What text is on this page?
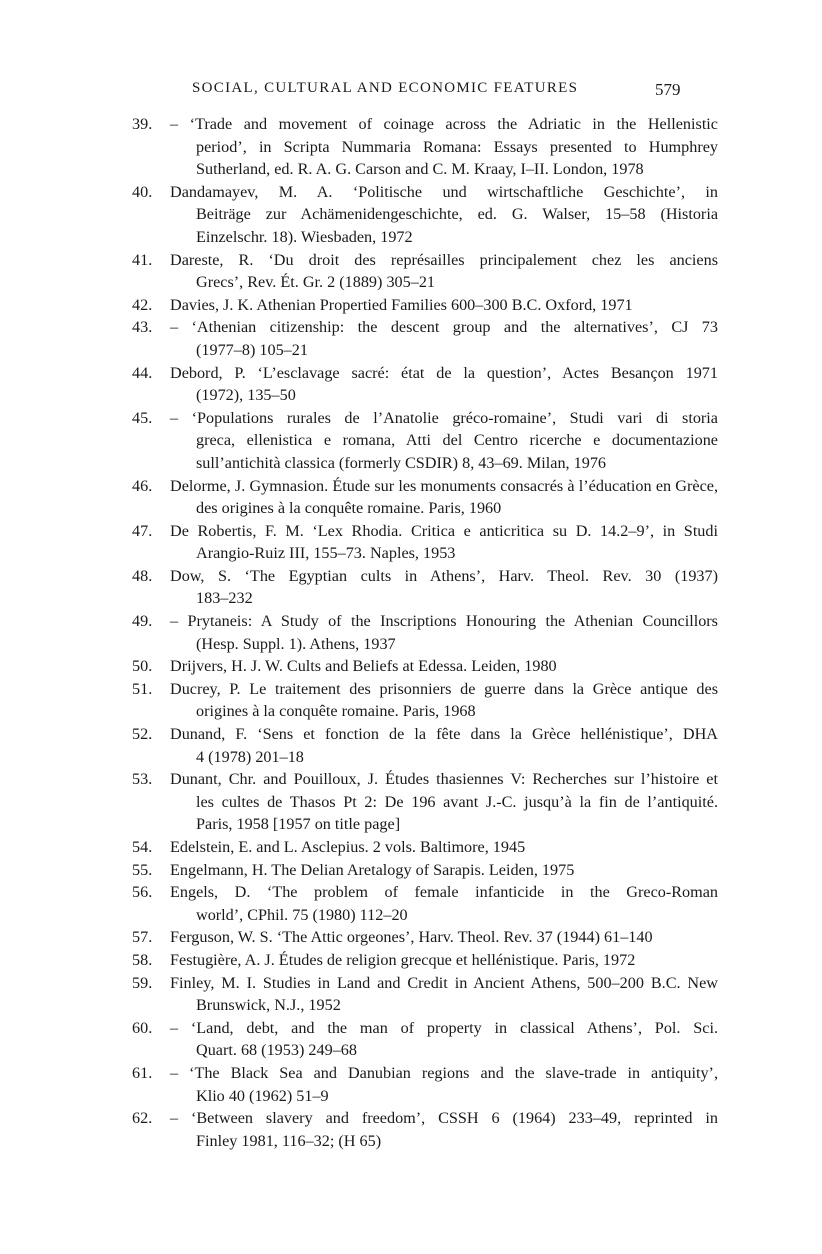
SOCIAL, CULTURAL AND ECONOMIC FEATURES	579
39. – ‘Trade and movement of coinage across the Adriatic in the Hellenistic
period’, in Scripta Nummaria Romana: Essays presented to Humphrey
Sutherland, ed. R. A. G. Carson and C. M. Kraay, I–II. London, 1978
40. Dandamayev, M. A. ‘Politische und wirtschaftliche Geschichte’, in
Beiträge zur Achämenidengeschichte, ed. G. Walser, 15–58 (Historia
Einzelschr. 18). Wiesbaden, 1972
41. Dareste, R. ‘Du droit des représailles principalement chez les anciens
Grecs’, Rev. Ét. Gr. 2 (1889) 305–21
42. Davies, J. K. Athenian Propertied Families 600–300 B.C. Oxford, 1971
43. – ‘Athenian citizenship: the descent group and the alternatives’, CJ 73
(1977–8) 105–21
44. Debord, P. ‘L’esclavage sacré: état de la question’, Actes Besançon 1971
(1972), 135–50
45. – ‘Populations rurales de l’Anatolie gréco-romaine’, Studi vari di storia
greca, ellenistica e romana, Atti del Centro ricerche e documentazione
sull’antichità classica (formerly CSDIR) 8, 43–69. Milan, 1976
46. Delorme, J. Gymnasion. Étude sur les monuments consacrés à l’éducation en Grèce,
des origines à la conquête romaine. Paris, 1960
47. De Robertis, F. M. ‘Lex Rhodia. Critica e anticritica su D. 14.2–9’, in Studi
Arangio-Ruiz III, 155–73. Naples, 1953
48. Dow, S. ‘The Egyptian cults in Athens’, Harv. Theol. Rev. 30 (1937)
183–232
49. – Prytaneis: A Study of the Inscriptions Honouring the Athenian Councillors
(Hesp. Suppl. 1). Athens, 1937
50. Drijvers, H. J. W. Cults and Beliefs at Edessa. Leiden, 1980
51. Ducrey, P. Le traitement des prisonniers de guerre dans la Grèce antique des
origines à la conquête romaine. Paris, 1968
52. Dunand, F. ‘Sens et fonction de la fête dans la Grèce hellénistique’, DHA
4 (1978) 201–18
53. Dunant, Chr. and Pouilloux, J. Études thasiennes V: Recherches sur l’histoire et
les cultes de Thasos Pt 2: De 196 avant J.-C. jusqu’à la fin de l’antiquité.
Paris, 1958 [1957 on title page]
54. Edelstein, E. and L. Asclepius. 2 vols. Baltimore, 1945
55. Engelmann, H. The Delian Aretalogy of Sarapis. Leiden, 1975
56. Engels, D. ‘The problem of female infanticide in the Greco-Roman
world’, CPhil. 75 (1980) 112–20
57. Ferguson, W. S. ‘The Attic orgeones’, Harv. Theol. Rev. 37 (1944) 61–140
58. Festugière, A. J. Études de religion grecque et hellénistique. Paris, 1972
59. Finley, M. I. Studies in Land and Credit in Ancient Athens, 500–200 B.C. New
Brunswick, N.J., 1952
60. – ‘Land, debt, and the man of property in classical Athens’, Pol. Sci.
Quart. 68 (1953) 249–68
61. – ‘The Black Sea and Danubian regions and the slave-trade in antiquity’,
Klio 40 (1962) 51–9
62. – ‘Between slavery and freedom’, CSSH 6 (1964) 233–49, reprinted in
Finley 1981, 116–32; (H 65)
